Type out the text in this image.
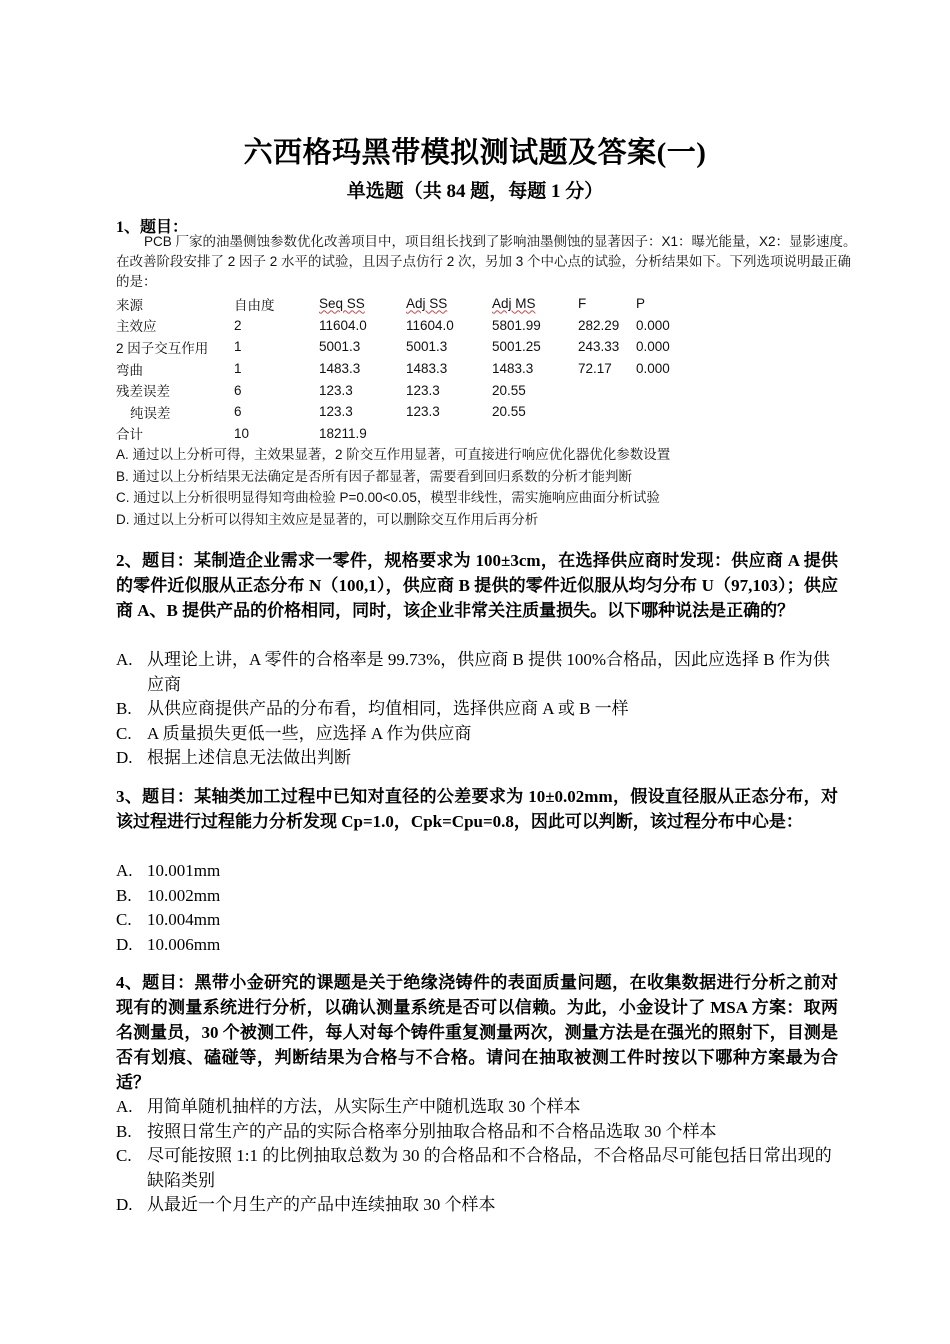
六西格玛黑带模拟测试题及答案(一)
单选题（共 84 题，每题 1 分）
1、题目：

PCB 厂家的油墨侧蚀参数优化改善项目中，项目组长找到了影响油墨侧蚀的显著因子：X1：曝光能量，X2：显影速度。在改善阶段安排了 2 因子 2 水平的试验，且因子点仿行 2 次，另加 3 个中心点的试验，分析结果如下。下列选项说明最正确的是：

来源	自由度	Seq SS	Adj SS	Adj MS	F	P
主效应	2	11604.0	11604.0	5801.99	282.29	0.000
2 因子交互作用	1	5001.3	5001.3	5001.25	243.33	0.000
弯曲	1	1483.3	1483.3	1483.3	72.17	0.000
残差误差	6	123.3	123.3	20.55		
纯误差	6	123.3	123.3	20.55		
合计	10	18211.9				

A. 通过以上分析可得，主效果显著，2 阶交互作用显著，可直接进行响应优化器优化参数设置

B. 通过以上分析结果无法确定是否所有因子都显著，需要看到回归系数的分析才能判断

C. 通过以上分析很明显得知弯曲检验 P=0.00<0.05，模型非线性，需实施响应曲面分析试验

D. 通过以上分析可以得知主效应是显著的，可以删除交互作用后再分析

2、题目：某制造企业需求一零件，规格要求为 100±3cm，在选择供应商时发现：供应商 A 提供的零件近似服从正态分布 N（100,1），供应商 B 提供的零件近似服从均匀分布 U（97,103）；供应商 A、B 提供产品的价格相同，同时，该企业非常关注质量损失。以下哪种说法是正确的？
A. 从理论上讲，A 零件的合格率是 99.73%，供应商 B 提供 100%合格品，因此应选择 B 作为供应商
B. 从供应商提供产品的分布看，均值相同，选择供应商 A 或 B 一样
C. A 质量损失更低一些，应选择 A 作为供应商
D. 根据上述信息无法做出判断
3、题目：某轴类加工过程中已知对直径的公差要求为 10±0.02mm，假设直径服从正态分布，对该过程进行过程能力分析发现 Cp=1.0，Cpk=Cpu=0.8，因此可以判断，该过程分布中心是：
A. 10.001mm
B. 10.002mm
C. 10.004mm
D. 10.006mm
4、题目：黑带小金研究的课题是关于绝缘浇铸件的表面质量问题，在收集数据进行分析之前对现有的测量系统进行分析，以确认测量系统是否可以信赖。为此，小金设计了 MSA 方案：取两名测量员，30 个被测工件，每人对每个铸件重复测量两次，测量方法是在强光的照射下，目测是否有划痕、磕碰等，判断结果为合格与不合格。请问在抽取被测工件时按以下哪种方案最为合适？
A. 用简单随机抽样的方法，从实际生产中随机选取 30 个样本
B. 按照日常生产的产品的实际合格率分别抽取合格品和不合格品选取 30 个样本
C. 尽可能按照 1:1 的比例抽取总数为 30 的合格品和不合格品，不合格品尽可能包括日常出现的缺陷类别
D. 从最近一个月生产的产品中连续抽取 30 个样本
